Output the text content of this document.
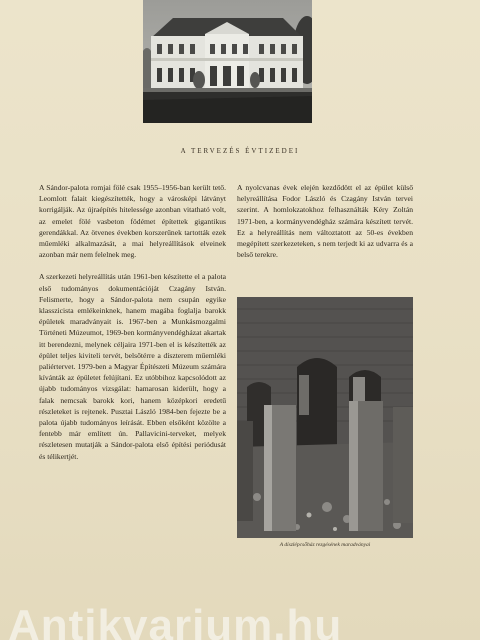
A TERVEZÉS ÉVTIZEDEI

A Sándor-palota romjai fölé csak 1955–1956-ban került tető. Leomlott falait kiegészítették, hogy a városképi látványt korrigálják. Az újraépítés hitelessége azonban vitatható volt, az emelet fölé vasbeton födémet építettek gigantikus gerendákkal. Az ötvenes években korszerűnek tartották ezek műemléki alkalmazását, a mai helyreállítások elveinek azonban már nem felelnek meg.

A szerkezeti helyreállítás után 1961-ben készítette el a palota első tudományos dokumentációját Czagány István. Felismerte, hogy a Sándor-palota nem csupán egyike klasszicista emlékeinknek, hanem magába foglalja barokk épületek maradványait is. 1967-ben a Munkásmozgalmi Történeti Múzeumot, 1969-ben kormányvendégházat akartak itt berendezni, melynek céljaira 1971-ben el is készítették az épület teljes kiviteli tervét, belsőtérre a díszterem műemléki paliértervet. 1979-ben a Magyar Építészeti Múzeum számára kívánták az épületet felújítani. Ez utóbbihoz kapcsolódott az újabb tudományos vizsgálat: hamarosan kiderült, hogy a falak nemcsak barokk kori, hanem középkori eredetű részleteket is rejtenek. Pusztai László 1984-ben fejezte be a palota újabb tudományos leírását. Ebben elsőként közölte a fentebb már említett ún. Pallavicini-terveket, melyek részletesen mutatják a Sándor-palota első építési periódusát és télikertjét.

A nyolcvanas évek elején kezdődött el az épület külső helyreállítása Fodor László és Czagány István tervei szerint. A homlokzatokhoz felhasználták Kéry Zoltán 1971-ben, a kormányvendégház számára készített tervét. Ez a helyreállítás nem változtatott az 50-es években megépített szerkezeteken, s nem terjedt ki az udvarra és a belső terekre.

A díszlépcsőház rezgésének maradványai
Antikvarium.hu
